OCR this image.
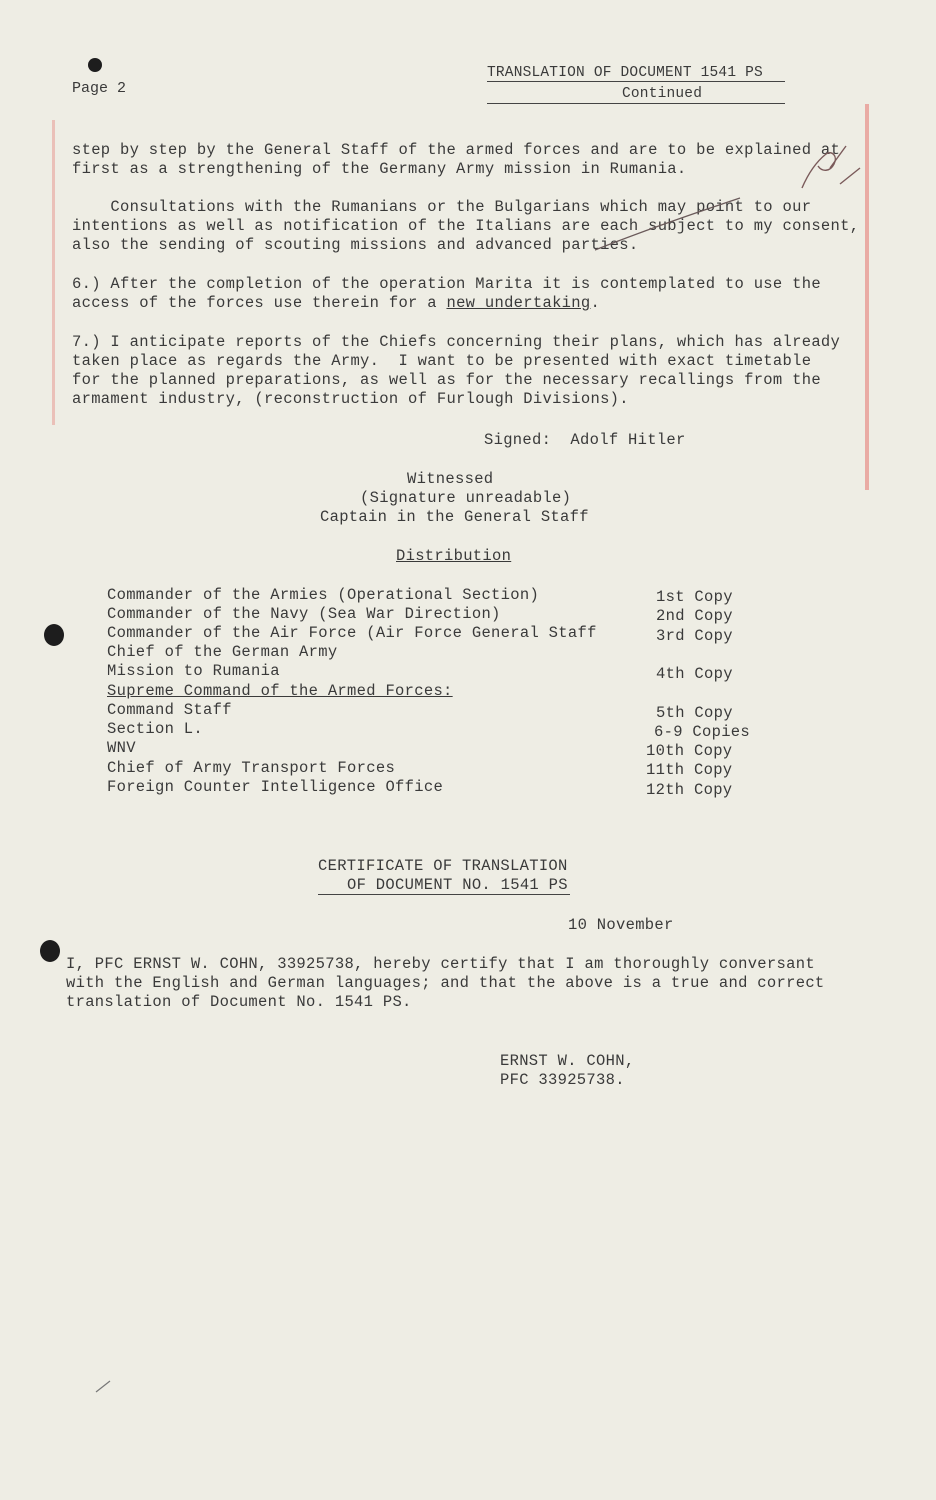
Page 2
TRANSLATION OF DOCUMENT 1541 PS
Continued
step by step by the General Staff of the armed forces and are to be explained at
first as a strengthening of the Germany Army mission in Rumania.
Consultations with the Rumanians or the Bulgarians which may point to our
intentions as well as notification of the Italians are each subject to my consent,
also the sending of scouting missions and advanced parties.
6.) After the completion of the operation Marita it is contemplated to use the
access of the forces use therein for a new undertaking.
7.) I anticipate reports of the Chiefs concerning their plans, which has already
taken place as regards the Army.  I want to be presented with exact timetable
for the planned preparations, as well as for the necessary recallings from the
armament industry, (reconstruction of Furlough Divisions).
Signed:  Adolf Hitler
Witnessed
(Signature unreadable)
Captain in the General Staff
Distribution
Commander of the Armies (Operational Section)	1st Copy
Commander of the Navy (Sea War Direction)	2nd Copy
Commander of the Air Force (Air Force General Staff	3rd Copy
Chief of the German Army
Mission to Rumania	4th Copy
Supreme Command of the Armed Forces:
Command Staff	5th Copy
Section L.	6-9 Copies
WNV	10th Copy
Chief of Army Transport Forces	11th Copy
Foreign Counter Intelligence Office	12th Copy
CERTIFICATE OF TRANSLATION
OF DOCUMENT NO. 1541 PS
10 November
I, PFC ERNST W. COHN, 33925738, hereby certify that I am thoroughly conversant
with the English and German languages; and that the above is a true and correct
translation of Document No. 1541 PS.
ERNST W. COHN,
PFC 33925738.
